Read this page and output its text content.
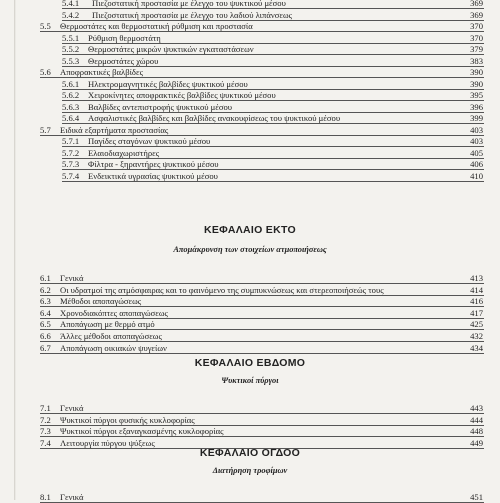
5.4.1 Πιεζοστατική προστασία με έλεγχο του ψυκτικού μέσου	369
5.4.2 Πιεζοστατική προστασία με έλεγχο του λαδιού λιπάνσεως	369
5.5 Θερμοστάτες και θερμοστατική ρύθμιση και προστασία	370
5.5.1 Ρύθμιση θερμοστάτη	370
5.5.2 Θερμοστάτες μικρών ψυκτικών εγκαταστάσεων	379
5.5.3 Θερμοστάτες χώρου	383
5.6 Αποφρακτικές βαλβίδες	390
5.6.1 Ηλεκτρομαγνητικές βαλβίδες ψυκτικού μέσου	390
5.6.2 Χειροκίνητες αποφρακτικές βαλβίδες ψυκτικού μέσου	395
5.6.3 Βαλβίδες αντεπιστροφής ψυκτικού μέσου	396
5.6.4 Ασφαλιστικές βαλβίδες και βαλβίδες ανακουφίσεως του ψυκτικού μέσου	399
5.7 Ειδικά εξαρτήματα προστασίας	403
5.7.1 Παγίδες σταγόνων ψυκτικού μέσου	403
5.7.2 Ελαιοδιαχωριστήρες	405
5.7.3 Φίλτρα - ξηραντήρες ψυκτικού μέσου	406
5.7.4 Ενδεικτικά υγρασίας ψυκτικού μέσου	410
ΚΕΦΑΛΑΙΟ ΕΚΤΟ
Απομάκρυνση των στοιχείων ατμοποιήσεως
6.1 Γενικά	413
6.2 Οι υδρατμοί της ατμόσφαιρας και το φαινόμενο της συμπυκνώσεως και στερεοποιήσεώς τους	414
6.3 Μέθοδοι αποπαγώσεως	416
6.4 Χρονοδιακόπτες αποπαγώσεως	417
6.5 Αποπάγωση με θερμό ατμό	425
6.6 Άλλες μέθοδοι αποπαγώσεως	432
6.7 Αποπάγωση οικιακών ψυγείων	434
ΚΕΦΑΛΑΙΟ ΕΒΔΟΜΟ
Ψυκτικοί πύργοι
7.1 Γενικά	443
7.2 Ψυκτικοί πύργοι φυσικής κυκλοφορίας	444
7.3 Ψυκτικοί πύργοι εξαναγκασμένης κυκλοφορίας	448
7.4 Λειτουργία πύργου ψύξεως	449
ΚΕΦΑΛΑΙΟ ΟΓΔΟΟ
Διατήρηση τροφίμων
8.1 Γενικά	451
